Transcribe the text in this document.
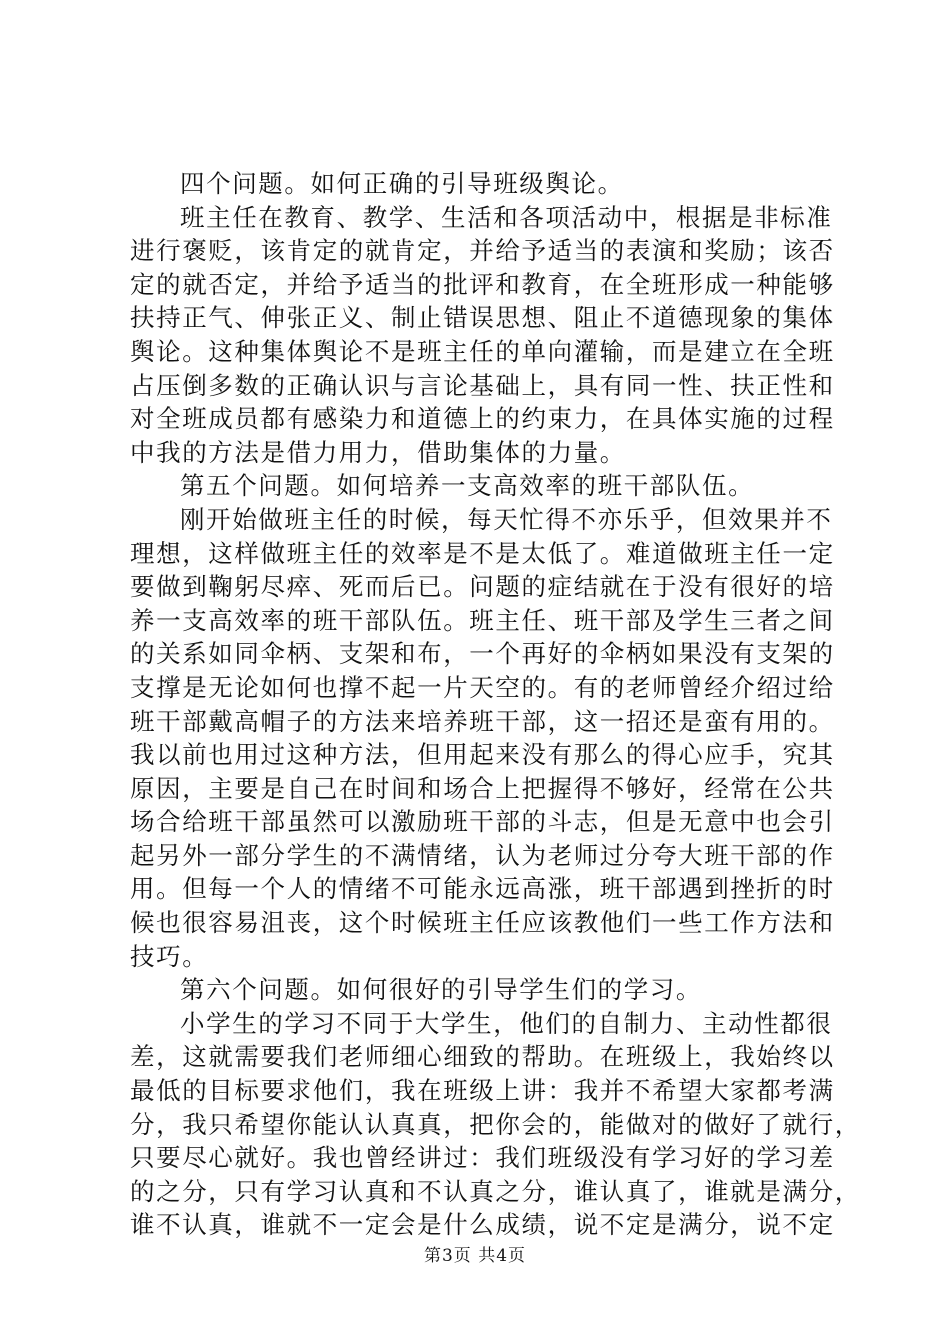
四个问题。如何正确的引导班级舆论。
班主任在教育、教学、生活和各项活动中，根据是非标准
进行褒贬，该肯定的就肯定，并给予适当的表演和奖励；该否
定的就否定，并给予适当的批评和教育，在全班形成一种能够
扶持正气、伸张正义、制止错误思想、阻止不道德现象的集体
舆论。这种集体舆论不是班主任的单向灌输，而是建立在全班
占压倒多数的正确认识与言论基础上，具有同一性、扶正性和
对全班成员都有感染力和道德上的约束力，在具体实施的过程
中我的方法是借力用力，借助集体的力量。
第五个问题。如何培养一支高效率的班干部队伍。
刚开始做班主任的时候，每天忙得不亦乐乎，但效果并不
理想，这样做班主任的效率是不是太低了。难道做班主任一定
要做到鞠躬尽瘁、死而后已。问题的症结就在于没有很好的培
养一支高效率的班干部队伍。班主任、班干部及学生三者之间
的关系如同伞柄、支架和布，一个再好的伞柄如果没有支架的
支撑是无论如何也撑不起一片天空的。有的老师曾经介绍过给
班干部戴高帽子的方法来培养班干部，这一招还是蛮有用的。
我以前也用过这种方法，但用起来没有那么的得心应手，究其
原因，主要是自己在时间和场合上把握得不够好，经常在公共
场合给班干部虽然可以激励班干部的斗志，但是无意中也会引
起另外一部分学生的不满情绪，认为老师过分夸大班干部的作
用。但每一个人的情绪不可能永远高涨，班干部遇到挫折的时
候也很容易沮丧，这个时候班主任应该教他们一些工作方法和
技巧。
第六个问题。如何很好的引导学生们的学习。
小学生的学习不同于大学生，他们的自制力、主动性都很
差，这就需要我们老师细心细致的帮助。在班级上，我始终以
最低的目标要求他们，我在班级上讲：我并不希望大家都考满
分，我只希望你能认认真真，把你会的，能做对的做好了就行，
只要尽心就好。我也曾经讲过：我们班级没有学习好的学习差
的之分，只有学习认真和不认真之分，谁认真了，谁就是满分，
谁不认真，谁就不一定会是什么成绩，说不定是满分，说不定
第3页 共4页
